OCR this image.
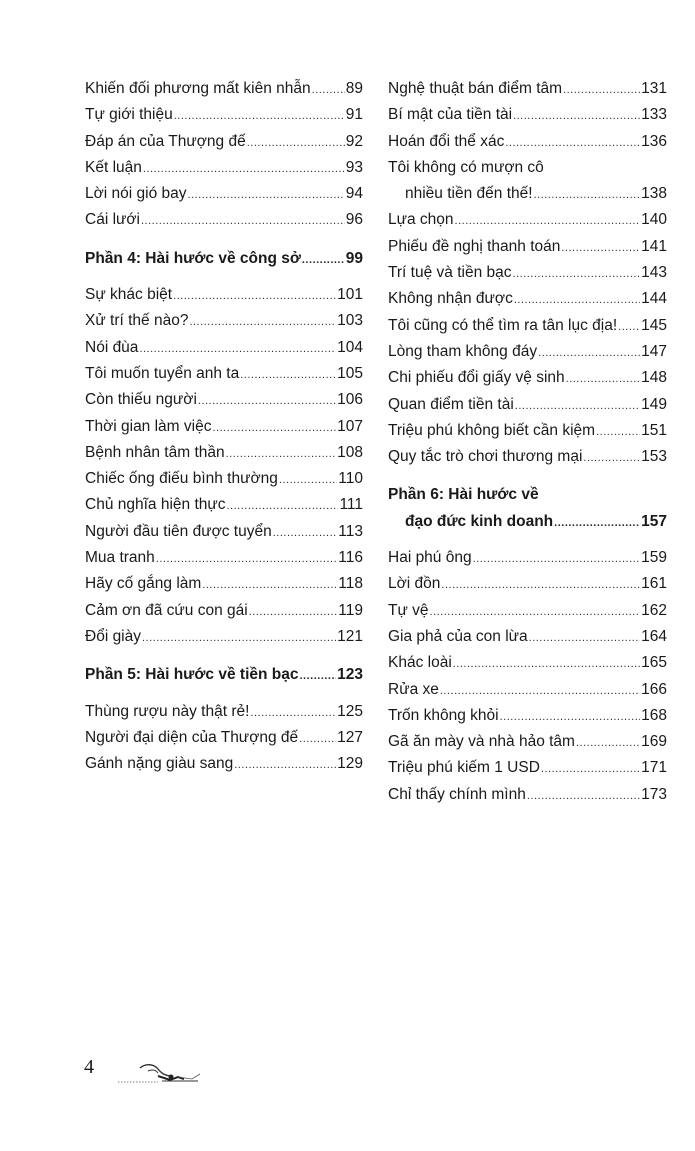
Khiến đối phương mất kiên nhẫn ..... 89
Tự giới thiệu .....	91
Đáp án của Thượng đế .....	92
Kết luận .....	93
Lời nói gió bay .....	94
Cái lưới .....	96
Phần 4: Hài hước về công sở .....	99
Sự khác biệt .....	101
Xử trí thế nào? .....	103
Nói đùa .....	104
Tôi muốn tuyển anh ta .....	105
Còn thiếu người .....	106
Thời gian làm việc .....	107
Bệnh nhân tâm thần .....	108
Chiếc ống điếu bình thường .....	110
Chủ nghĩa hiện thực .....	111
Người đầu tiên được tuyển .....	113
Mua tranh .....	116
Hãy cố gắng làm .....	118
Cảm ơn đã cứu con gái .....	119
Đổi giày .....	121
Phần 5: Hài hước về tiền bạc ..... 123
Thùng rượu này thật rẻ! .....	125
Người đại diện của Thượng đế .....	127
Gánh nặng giàu sang .....	129
Nghệ thuật bán điểm tâm .....	131
Bí mật của tiền tài .....	133
Hoán đổi thể xác .....	136
Tôi không có mượn cô
nhiều tiền đến thế! .....	138
Lựa chọn .....	140
Phiếu đề nghị thanh toán .....	141
Trí tuệ và tiền bạc .....	143
Không nhận được .....	144
Tôi cũng có thể tìm ra tân lục địa! ..... 145
Lòng tham không đáy .....	147
Chi phiếu đổi giấy vệ sinh .....	148
Quan điểm tiền tài .....	149
Triệu phú không biết cần kiệm .....	151
Quy tắc trò chơi thương mại .....	153
Phần 6: Hài hước về
đạo đức kinh doanh .....	157
Hai phú ông .....	159
Lời đồn .....	161
Tự vệ .....	162
Gia phả của con lừa .....	164
Khác loài .....	165
Rửa xe .....	166
Trốn không khỏi .....	168
Gã ăn mày và nhà hảo tâm .....	169
Triệu phú kiếm 1 USD .....	171
Chỉ thấy chính mình .....	173
4
